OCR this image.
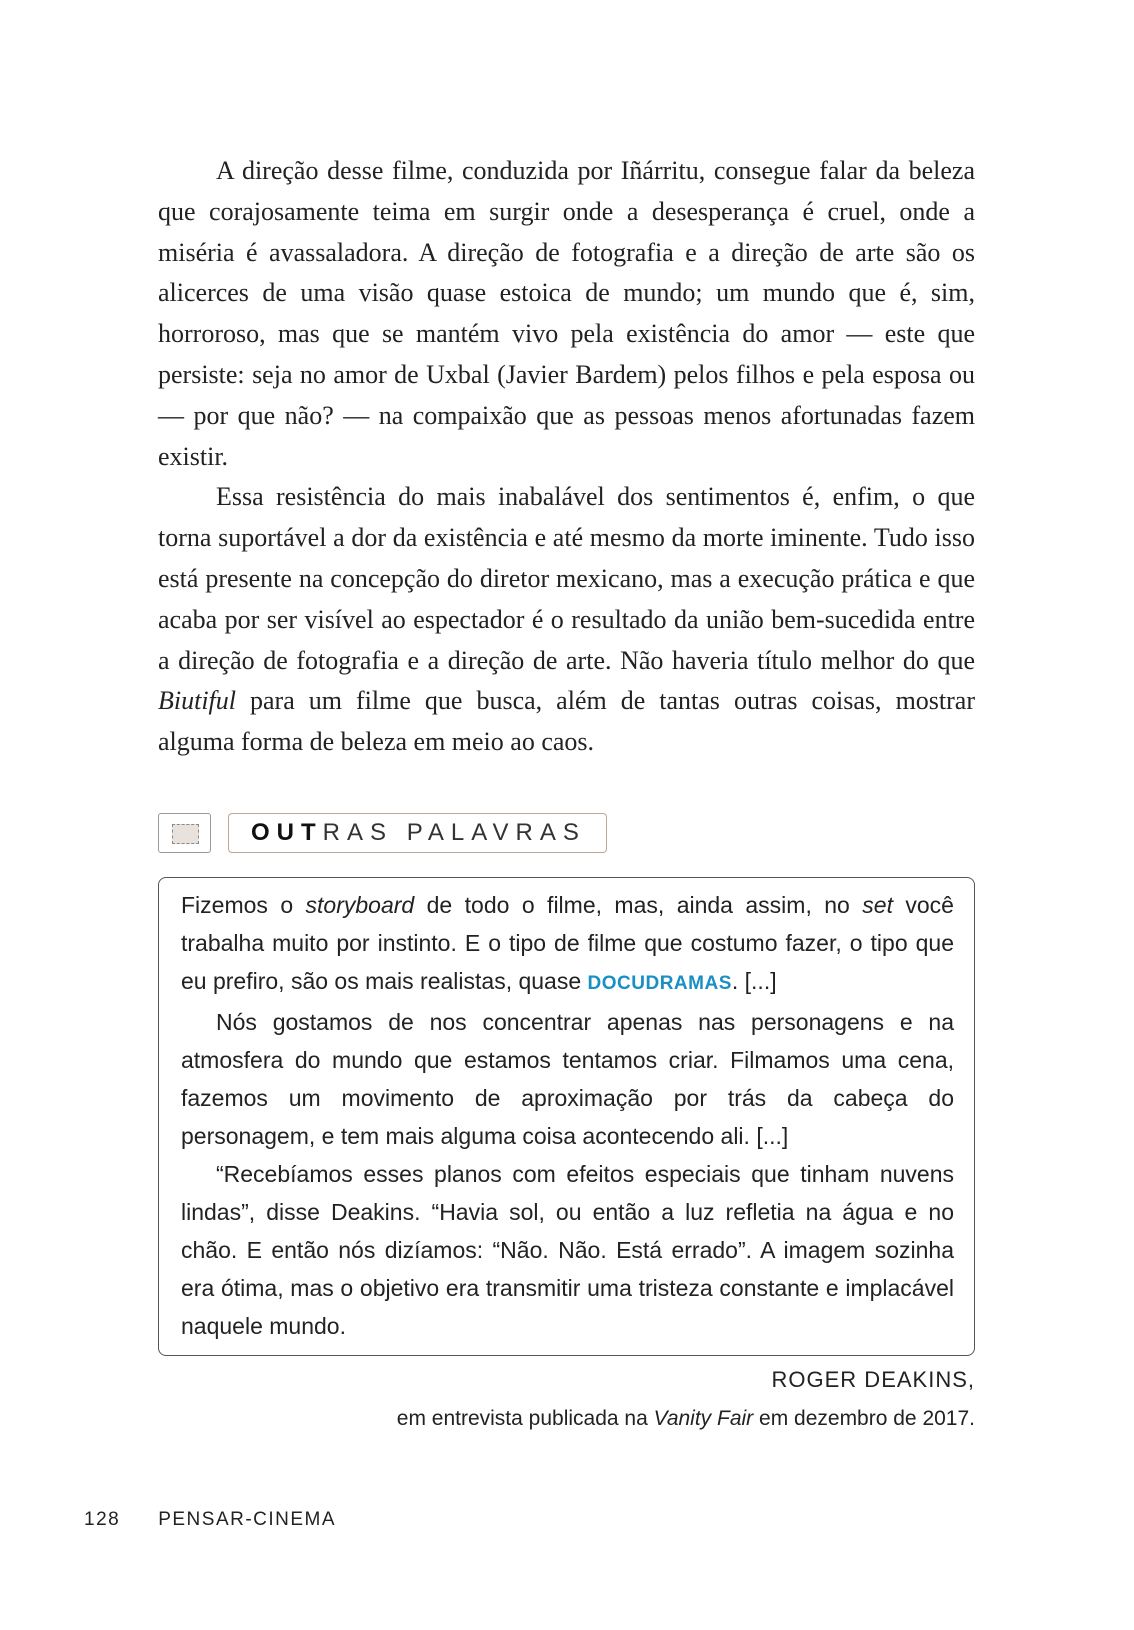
A direção desse filme, conduzida por Iñárritu, consegue falar da beleza que corajosamente teima em surgir onde a desesperança é cruel, onde a miséria é avassaladora. A direção de fotografia e a direção de arte são os alicerces de uma visão quase estoica de mundo; um mundo que é, sim, horroroso, mas que se mantém vivo pela existência do amor — este que persiste: seja no amor de Uxbal (Javier Bardem) pelos filhos e pela esposa ou — por que não? — na compaixão que as pessoas menos afortunadas fazem existir.

Essa resistência do mais inabalável dos sentimentos é, enfim, o que torna suportável a dor da existência e até mesmo da morte iminente. Tudo isso está presente na concepção do diretor mexicano, mas a execução prática e que acaba por ser visível ao espectador é o resultado da união bem-sucedida entre a direção de fotografia e a direção de arte. Não haveria título melhor do que Biutiful para um filme que busca, além de tantas outras coisas, mostrar alguma forma de beleza em meio ao caos.

OUT RAS PALAVRAS

Fizemos o storyboard de todo o filme, mas, ainda assim, no set você trabalha muito por instinto. E o tipo de filme que costumo fazer, o tipo que eu prefiro, são os mais realistas, quase DOCUDRAMAS. [...]

Nós gostamos de nos concentrar apenas nas personagens e na atmosfera do mundo que estamos tentamos criar. Filmamos uma cena, fazemos um movimento de aproximação por trás da cabeça do personagem, e tem mais alguma coisa acontecendo ali. [...]

“Recebíamos esses planos com efeitos especiais que tinham nuvens lindas”, disse Deakins. “Havia sol, ou então a luz refletia na água e no chão. E então nós dizíamos: “Não. Não. Está errado”. A imagem sozinha era ótima, mas o objetivo era transmitir uma tristeza constante e implacável naquele mundo.

ROGER DEAKINS,
em entrevista publicada na Vanity Fair em dezembro de 2017.
128 PENSAR-CINEMA
